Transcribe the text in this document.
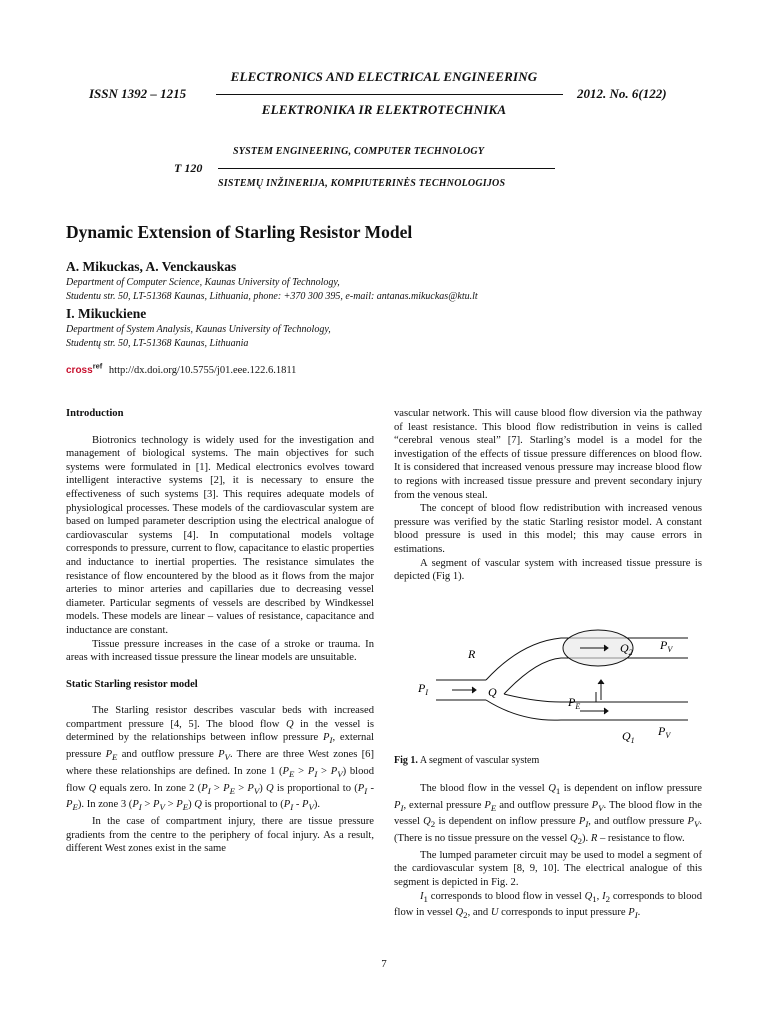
ELECTRONICS AND ELECTRICAL ENGINEERING
ISSN 1392 – 1215	2012. No. 6(122)
ELEKTRONIKA IR ELEKTROTECHNIKA
SYSTEM ENGINEERING, COMPUTER TECHNOLOGY
T 120
SISTEMŲ INŽINERIJA, KOMPIUTERINĖS TECHNOLOGIJOS
Dynamic Extension of Starling Resistor Model
A. Mikuckas, A. Venckauskas
Department of Computer Science, Kaunas University of Technology,
Studentu str. 50, LT-51368 Kaunas, Lithuania, phone: +370 300 395, e-mail: antanas.mikuckas@ktu.lt
I. Mikuckiene
Department of System Analysis, Kaunas University of Technology,
Studentų str. 50, LT-51368 Kaunas, Lithuania
cross$^{ref}$ http://dx.doi.org/10.5755/j01.eee.122.6.1811
Introduction

Biotronics technology is widely used for the investigation and management of biological systems. The main objectives for such systems were formulated in [1]. Medical electronics evolves toward intelligent interactive systems [2], it is necessary to ensure the effectiveness of such systems [3]. This requires adequate models of physiological processes. These models of the cardiovascular system are based on lumped parameter description using the electrical analogue of cardiovascular systems [4]. In computational models voltage corresponds to pressure, current to flow, capacitance to elastic properties and inductance to inertial properties. The resistance simulates the resistance of flow encountered by the blood as it flows from the major arteries to minor arteries and capillaries due to decreasing vessel diameter. Particular segments of vessels are described by Windkessel models. These models are linear – values of resistance, capacitance and inductance are constant.

Tissue pressure increases in the case of a stroke or trauma. In areas with increased tissue pressure the linear models are unsuitable.

Static Starling resistor model

The Starling resistor describes vascular beds with increased compartment pressure [4, 5]. The blood flow Q in the vessel is determined by the relationships between inflow pressure $P_I$, external pressure $P_E$ and outflow pressure $P_V$. There are three West zones [6] where these relationships are defined. In zone 1 $(P_E > P_I > P_V)$ blood flow Q equals zero. In zone 2 $(P_I > P_E > P_V)$ Q is proportional to $(P_I - P_E)$. In zone 3 $(P_I > P_V > P_E)$ Q is proportional to $(P_I - P_V)$.

In the case of compartment injury, there are tissue pressure gradients from the centre to the periphery of focal injury. As a result, different West zones exist in the same

vascular network. This will cause blood flow diversion via the pathway of least resistance. This blood flow redistribution in veins is called “cerebral venous steal” [7]. Starling’s model is a model for the investigation of the effects of tissue pressure differences on blood flow. It is considered that increased venous pressure may increase blood flow to regions with increased tissue pressure and prevent secondary injury from the venous steal.

The concept of blood flow redistribution with increased venous pressure was verified by the static Starling resistor model. A constant blood pressure is used in this model; this may cause errors in estimations.

A segment of vascular system with increased tissue pressure is depicted (Fig 1).

R
$P_I$	Q
$Q_2$
$P_V$
$P_E$
$Q_1$
$P_V$
Fig 1. A segment of vascular system

The blood flow in the vessel $Q_1$ is dependent on inflow pressure $P_I$, external pressure $P_E$ and outflow pressure $P_V$. The blood flow in the vessel $Q_2$ is dependent on inflow pressure $P_I$, and outflow pressure $P_V$. (There is no tissue pressure on the vessel $Q_2$). R – resistance to flow.

The lumped parameter circuit may be used to model a segment of the cardiovascular system [8, 9, 10]. The electrical analogue of this segment is depicted in Fig. 2.

$I_1$ corresponds to blood flow in vessel $Q_1$, $I_2$ corresponds to blood flow in vessel $Q_2$, and U corresponds to input pressure $P_I$.

7
